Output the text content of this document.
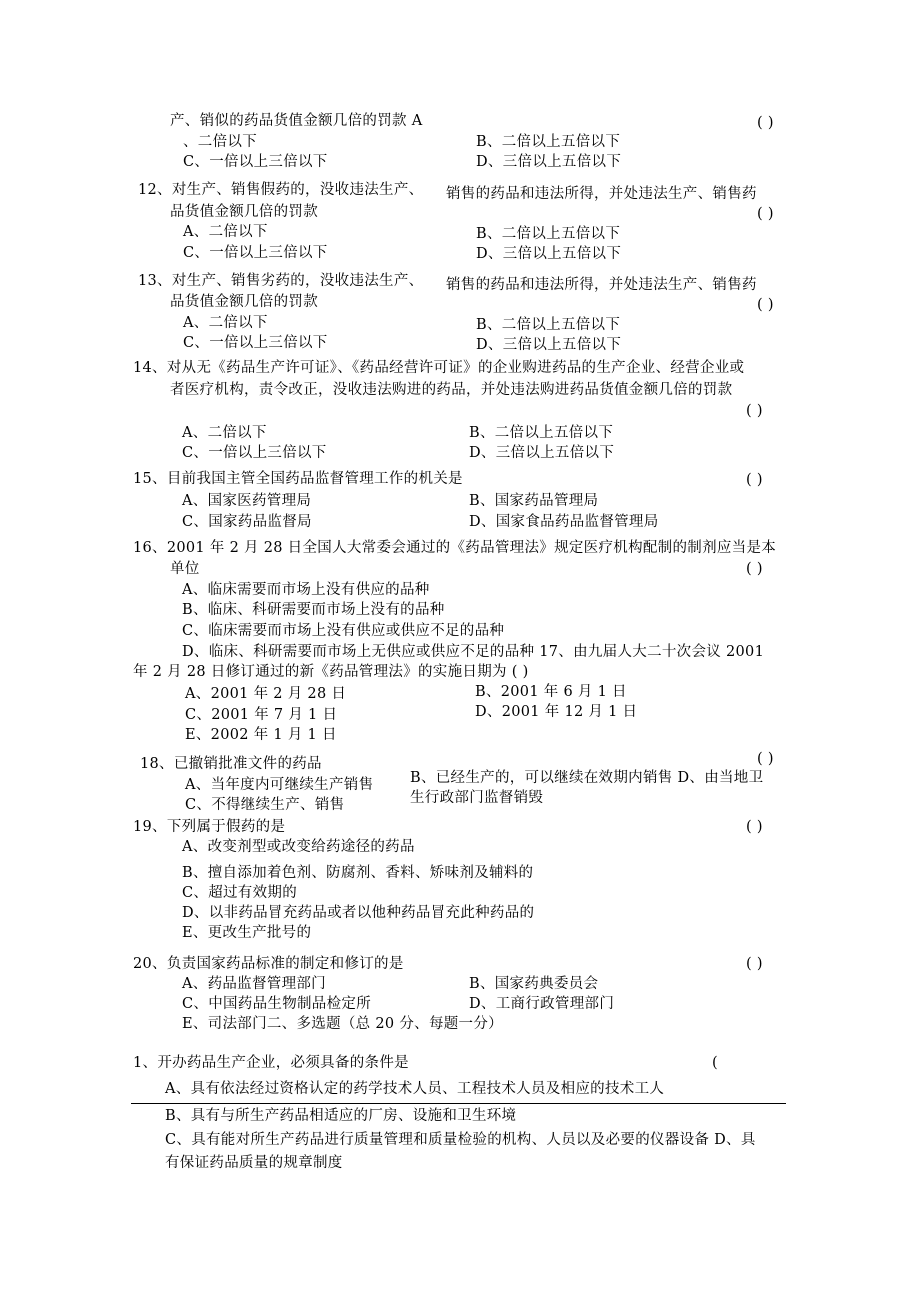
产、销似的药品货值金额几倍的罚款 A	( )
、二倍以下	B、二倍以上五倍以下
C、一倍以上三倍以下	D、三倍以上五倍以下
12、对生产、销售假药的，没收违法生产、 销售的药品和违法所得，并处违法生产、销售药
品货值金额几倍的罚款	( )
A、二倍以下	B、二倍以上五倍以下
C、一倍以上三倍以下	D、三倍以上五倍以下
13、对生产、销售劣药的，没收违法生产、 销售的药品和违法所得，并处违法生产、销售药
品货值金额几倍的罚款	( )
A、二倍以下	B、二倍以上五倍以下
C、一倍以上三倍以下	D、三倍以上五倍以下
14、对从无《药品生产许可证》、《药品经营许可证》的企业购进药品的生产企业、经营企业或
者医疗机构，责令改正，没收违法购进的药品，并处违法购进药品货值金额几倍的罚款
( )
A、二倍以下	B、二倍以上五倍以下
C、一倍以上三倍以下	D、三倍以上五倍以下
15、目前我国主管全国药品监督管理工作的机关是	( )
A、国家医药管理局	B、国家药品管理局
C、国家药品监督局	D、国家食品药品监督管理局
16、2001 年 2 月 28 日全国人大常委会通过的《药品管理法》规定医疗机构配制的制剂应当是本
单位	( )
A、临床需要而市场上没有供应的品种
B、临床、科研需要而市场上没有的品种
C、临床需要而市场上没有供应或供应不足的品种
D、临床、科研需要而市场上无供应或供应不足的品种 17、由九届人大二十次会议 2001
年 2 月 28 日修订通过的新《药品管理法》的实施日期为 ( )
A、2001 年 2 月 28 日	B、2001 年 6 月 1 日
C、2001 年 7 月 1 日	D、2001 年 12 月 1 日
E、2002 年 1 月 1 日
( )
18、已撤销批准文件的药品
A、当年度内可继续生产销售	B、已经生产的，可以继续在效期内销售 D、由当地卫
C、不得继续生产、销售	生行政部门监督销毁
19、下列属于假药的是	( )
A、改变剂型或改变给药途径的药品
B、擅自添加着色剂、防腐剂、香料、矫味剂及辅料的
C、超过有效期的
D、以非药品冒充药品或者以他种药品冒充此种药品的
E、更改生产批号的
20、负责国家药品标准的制定和修订的是	( )
A、药品监督管理部门	B、国家药典委员会
C、中国药品生物制品检定所	D、工商行政管理部门
E、司法部门二、多选题（总 20 分、每题一分）
1、开办药品生产企业，必须具备的条件是	(
A、具有依法经过资格认定的药学技术人员、工程技术人员及相应的技术工人
B、具有与所生产药品相适应的厂房、设施和卫生环境
C、具有能对所生产药品进行质量管理和质量检验的机构、人员以及必要的仪器设备 D、具
有保证药品质量的规章制度
